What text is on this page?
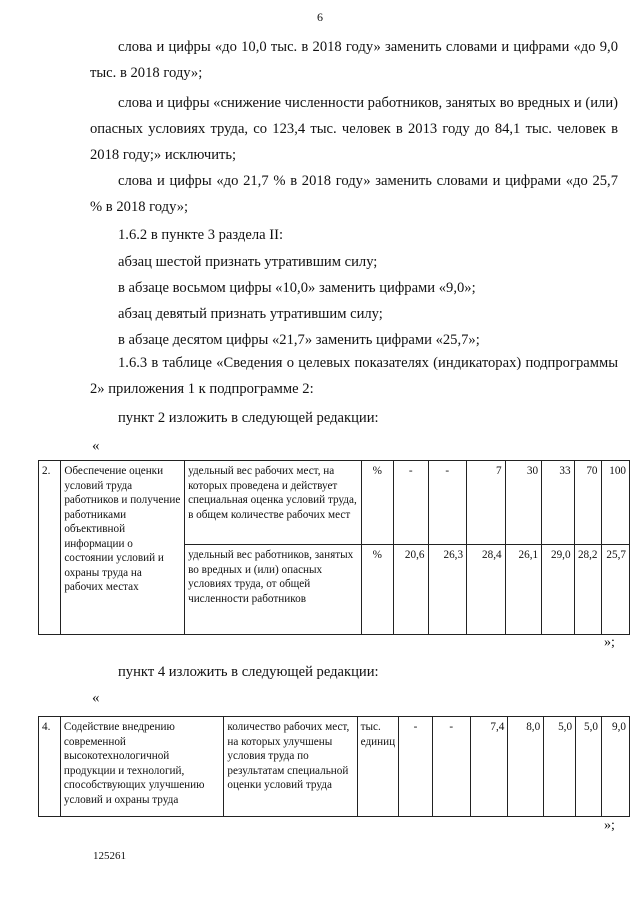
6
слова и цифры «до 10,0 тыс. в 2018 году» заменить словами и цифрами «до 9,0 тыс. в 2018 году»;
слова и цифры «снижение численности работников, занятых во вредных и (или) опасных условиях труда, со 123,4 тыс. человек в 2013 году до 84,1 тыс. человек в 2018 году;» исключить;
слова и цифры «до 21,7 % в 2018 году» заменить словами и цифрами «до 25,7 % в 2018 году»;
1.6.2 в пункте 3 раздела II:
абзац шестой признать утратившим силу;
в абзаце восьмом цифры «10,0» заменить цифрами «9,0»;
абзац девятый признать утратившим силу;
в абзаце десятом цифры «21,7» заменить цифрами «25,7»;
1.6.3 в таблице «Сведения о целевых показателях (индикаторах) подпрограммы 2» приложения 1 к подпрограмме 2:
пункт 2 изложить в следующей редакции:
«
2.	Обеспечение оценки условий труда работников и получение работниками объективной информации о состоянии условий и охраны труда на рабочих местах	удельный вес рабочих мест, на которых проведена и действует специальная оценка условий труда, в общем количестве рабочих мест	%	-	-	7	30	33	70	100
		удельный вес работников, занятых во вредных и (или) опасных условиях труда, от общей численности работников	%	20,6	26,3	28,4	26,1	29,0	28,2	25,7
»;
пункт 4 изложить в следующей редакции:
«
4.	Содействие внедрению современной высокотехнологичной продукции и технологий, способствующих улучшению условий и охраны труда	количество рабочих мест, на которых улучшены условия труда по результатам специальной оценки условий труда	тыс. единиц	-	-	7,4	8,0	5,0	5,0	9,0
»;
125261
